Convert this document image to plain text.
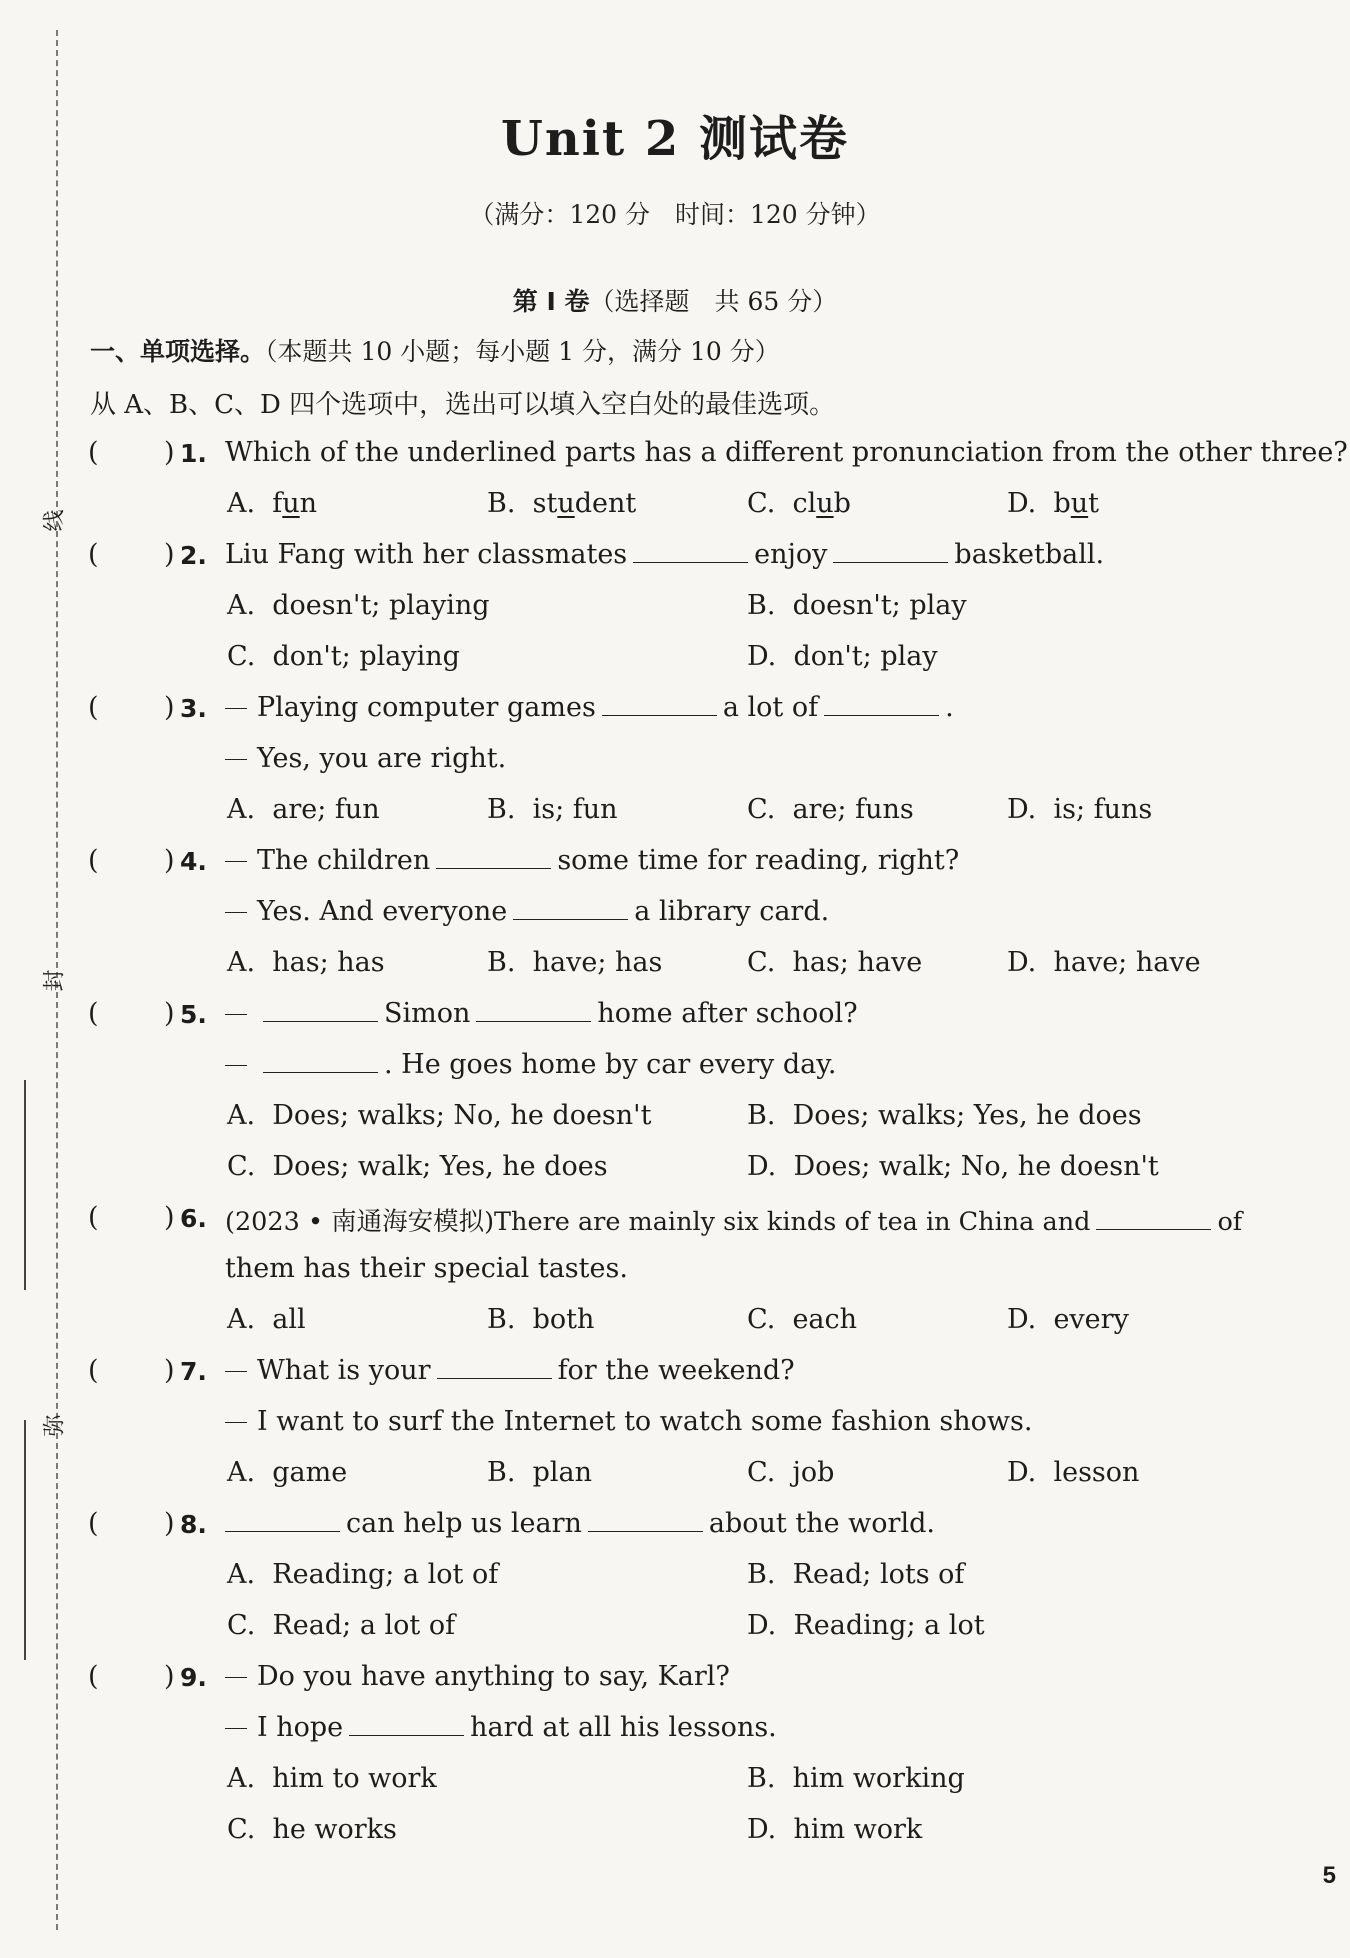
线
封
弥
Unit 2 测试卷
（满分：120 分　时间：120 分钟）
第 I 卷（选择题　共 65 分）
一、单项选择。（本题共 10 小题；每小题 1 分，满分 10 分）
从 A、B、C、D 四个选项中，选出可以填入空白处的最佳选项。
( ) 1. Which of the underlined parts has a different pronunciation from the other three?
A. fun	B. student	C. club	D. but
( ) 2. Liu Fang with her classmates	enjoy	basketball.
A. doesn't; playing	B. doesn't; play
C. don't; playing	D. don't; play
( ) 3.	Playing computer games	a lot of	.
Yes, you are right.
A. are; fun	B. is; fun	C. are; funs	D. is; funs
( ) 4.	The children	some time for reading, right?
Yes. And everyone	a library card.
A. has; has	B. have; has	C. has; have	D. have; have
( ) 5.	Simon	home after school?
. He goes home by car every day.
A. Does; walks; No, he doesn't	B. Does; walks; Yes, he does
C. Does; walk; Yes, he does	D. Does; walk; No, he doesn't
( ) 6. (2023 • 南通海安模拟)There are mainly six kinds of tea in China and	of
them has their special tastes.
A. all	B. both	C. each	D. every
( ) 7.	What is your	for the weekend?
I want to surf the Internet to watch some fashion shows.
A. game	B. plan	C. job	D. lesson
( ) 8.	can help us learn	about the world.
A. Reading; a lot of	B. Read; lots of
C. Read; a lot of	D. Reading; a lot
( ) 9.	Do you have anything to say, Karl?
I hope	hard at all his lessons.
A. him to work	B. him working
C. he works	D. him work
5
